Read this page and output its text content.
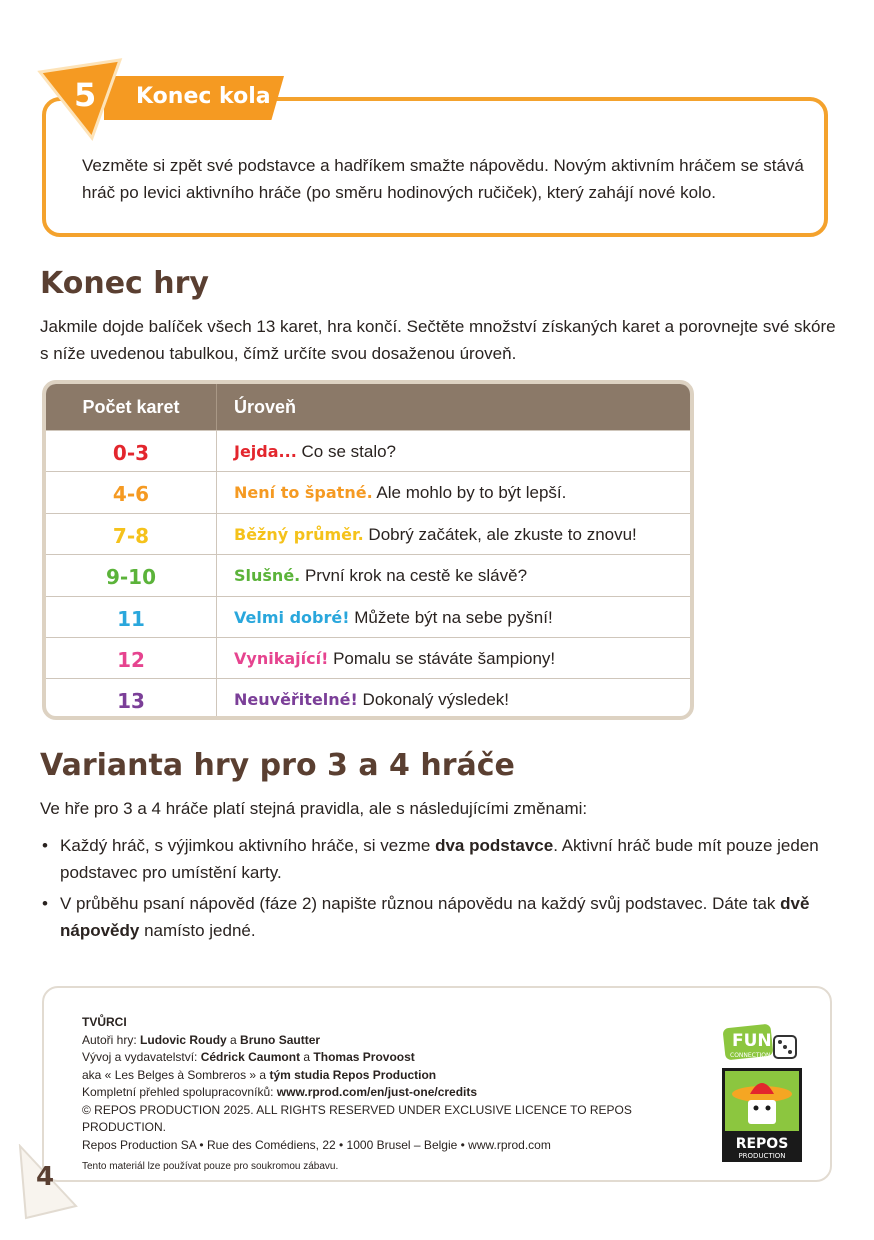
Konec kola
5
Vezměte si zpět své podstavce a hadříkem smažte nápovědu. Novým aktivním hráčem se stává hráč po levici aktivního hráče (po směru hodinových ručiček), který zahájí nové kolo.
Konec hry
Jakmile dojde balíček všech 13 karet, hra končí. Sečtěte množství získaných karet a porovnejte své skóre s níže uvedenou tabulkou, čímž určíte svou dosaženou úroveň.
Počet karet	Úroveň
0-3	Jejda... Co se stalo?
4-6	Není to špatné. Ale mohlo by to být lepší.
7-8	Běžný průměr. Dobrý začátek, ale zkuste to znovu!
9-10	Slušné. První krok na cestě ke slávě?
11	Velmi dobré! Můžete být na sebe pyšní!
12	Vynikající! Pomalu se stáváte šampiony!
13	Neuvěřitelné! Dokonalý výsledek!
Varianta hry pro 3 a 4 hráče
Ve hře pro 3 a 4 hráče platí stejná pravidla, ale s následujícími změnami:
• Každý hráč, s výjimkou aktivního hráče, si vezme dva podstavce. Aktivní hráč bude mít pouze jeden podstavec pro umístění karty.
• V průběhu psaní nápověd (fáze 2) napište různou nápovědu na každý svůj podstavec. Dáte tak dvě nápovědy namísto jedné.
TVŮRCI
Autoři hry: Ludovic Roudy a Bruno Sautter
Vývoj a vydavatelství: Cédrick Caumont a Thomas Provoost
aka « Les Belges à Sombreros » a tým studia Repos Production
Kompletní přehled spolupracovníků: www.rprod.com/en/just-one/credits
© REPOS PRODUCTION 2025. ALL RIGHTS RESERVED UNDER EXCLUSIVE LICENCE TO REPOS PRODUCTION.
Repos Production SA • Rue des Comédiens, 22 • 1000 Brusel – Belgie • www.rprod.com
Tento materiál lze používat pouze pro soukromou zábavu.
FUN
CONNECTION
REPOS
PRODUCTION
4
